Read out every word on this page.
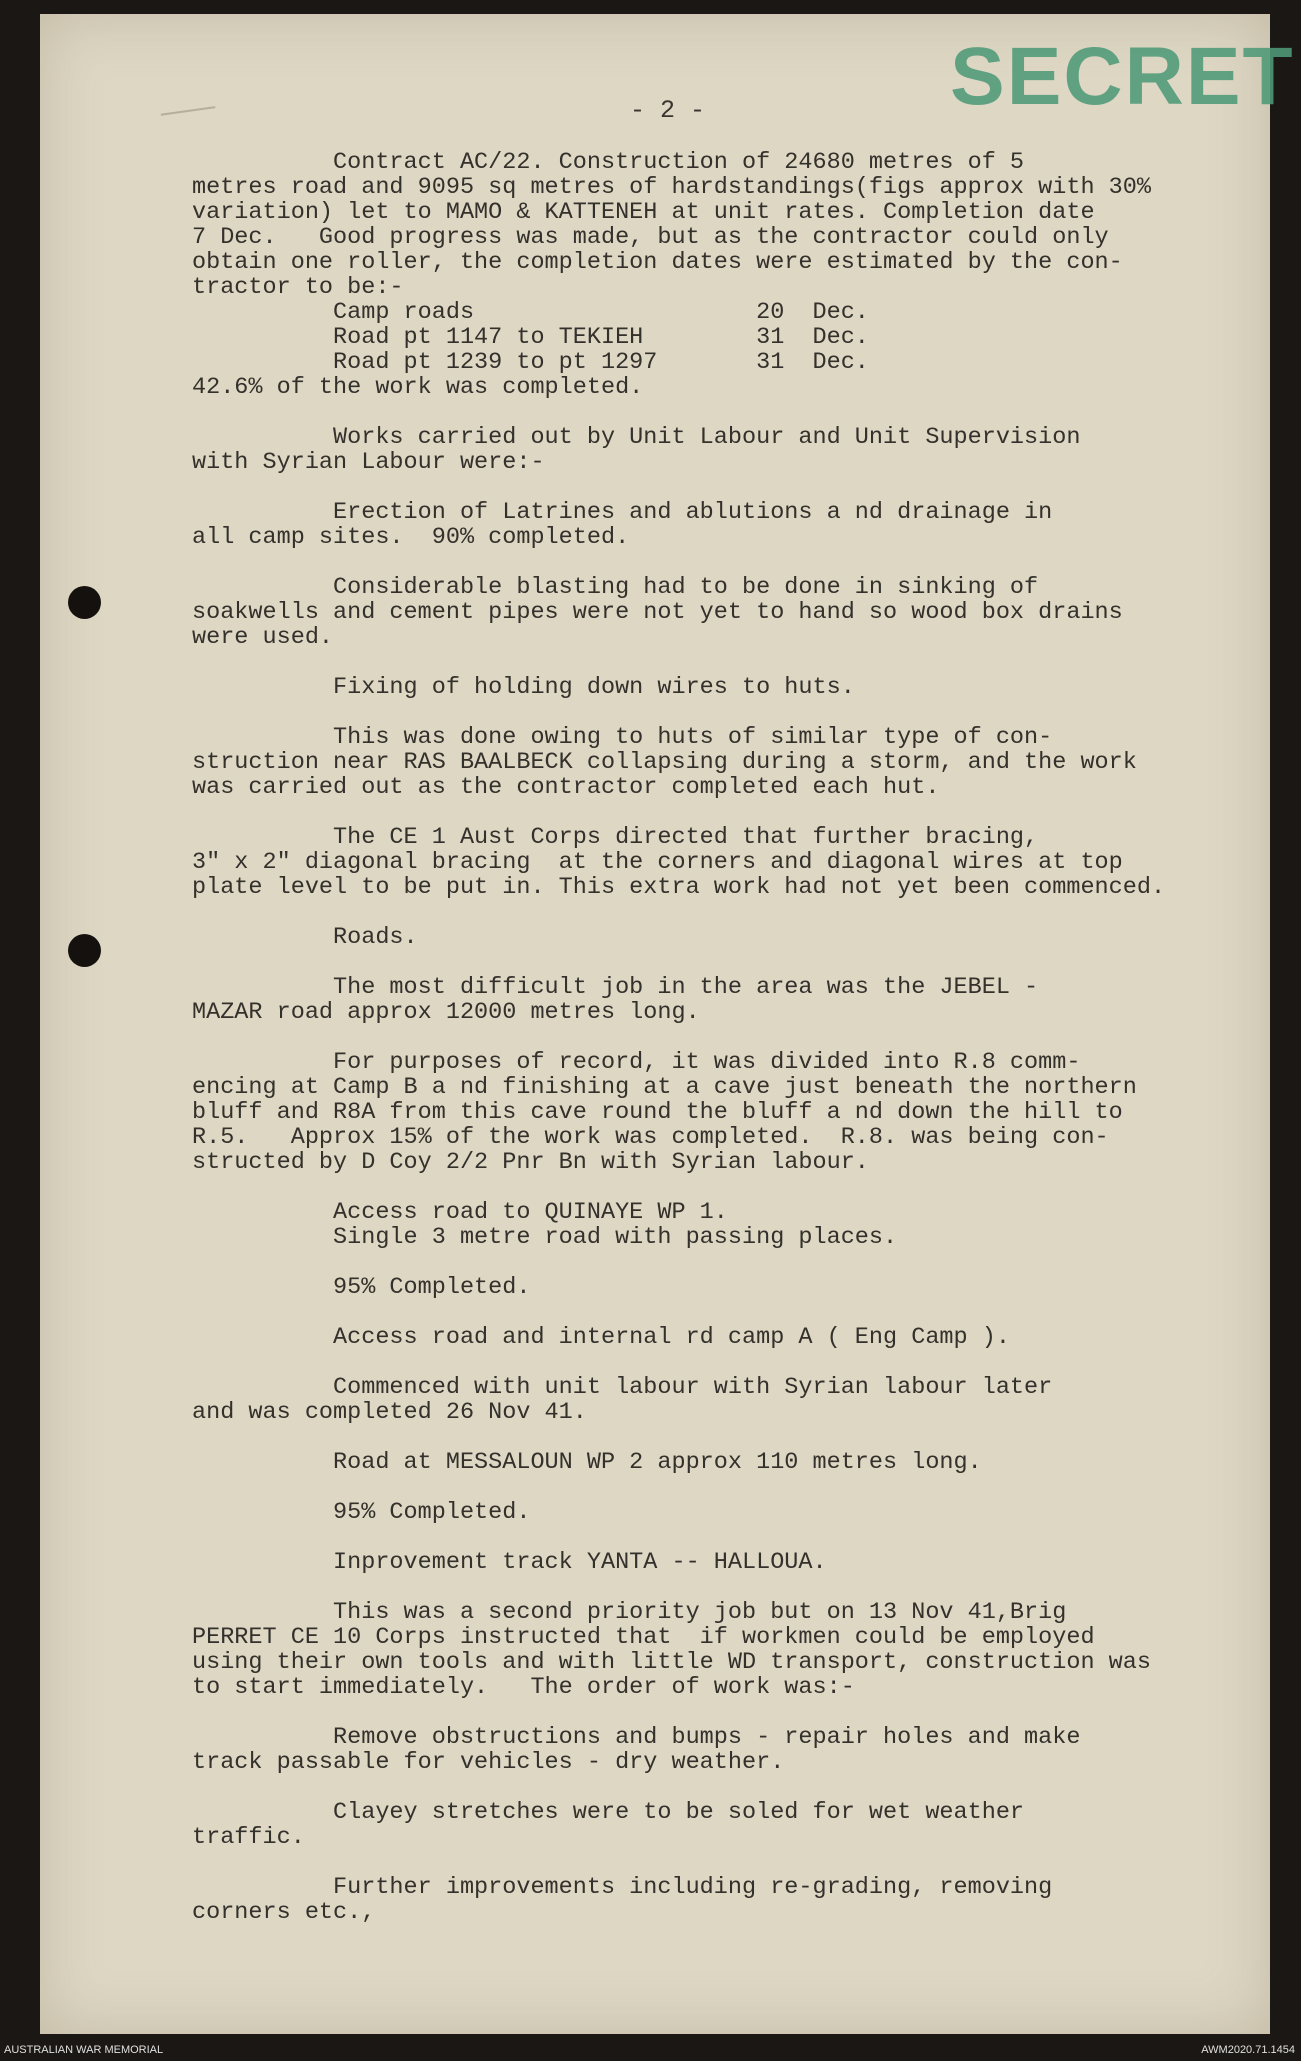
SECRET
- 2 -
Contract AC/22. Construction of 24680 metres of 5
metres road and 9095 sq metres of hardstandings(figs approx with 30%
variation) let to MAMO & KATTENEH at unit rates. Completion date
7 Dec.   Good progress was made, but as the contractor could only
obtain one roller, the completion dates were estimated by the con-
tractor to be:-
Camp roads                    20  Dec.
Road pt 1147 to TEKIEH        31  Dec.
Road pt 1239 to pt 1297       31  Dec.
42.6% of the work was completed.
Works carried out by Unit Labour and Unit Supervision
with Syrian Labour were:-
Erection of Latrines and ablutions a nd drainage in
all camp sites.  90% completed.
Considerable blasting had to be done in sinking of
soakwells and cement pipes were not yet to hand so wood box drains
were used.
Fixing of holding down wires to huts.
This was done owing to huts of similar type of con-
struction near RAS BAALBECK collapsing during a storm, and the work
was carried out as the contractor completed each hut.
The CE 1 Aust Corps directed that further bracing,
3" x 2" diagonal bracing  at the corners and diagonal wires at top
plate level to be put in. This extra work had not yet been commenced.
Roads.
The most difficult job in the area was the JEBEL -
MAZAR road approx 12000 metres long.
For purposes of record, it was divided into R.8 comm-
encing at Camp B a nd finishing at a cave just beneath the northern
bluff and R8A from this cave round the bluff a nd down the hill to
R.5.   Approx 15% of the work was completed.  R.8. was being con-
structed by D Coy 2/2 Pnr Bn with Syrian labour.
Access road to QUINAYE WP 1.
Single 3 metre road with passing places.
95% Completed.
Access road and internal rd camp A ( Eng Camp ).
Commenced with unit labour with Syrian labour later
and was completed 26 Nov 41.
Road at MESSALOUN WP 2 approx 110 metres long.
95% Completed.
Inprovement track YANTA -- HALLOUA.
This was a second priority job but on 13 Nov 41,Brig
PERRET CE 10 Corps instructed that  if workmen could be employed
using their own tools and with little WD transport, construction was
to start immediately.   The order of work was:-
Remove obstructions and bumps - repair holes and make
track passable for vehicles - dry weather.
Clayey stretches were to be soled for wet weather
traffic.
Further improvements including re-grading, removing
corners etc.,
AUSTRALIAN WAR MEMORIAL	AWM2020.71.1454
